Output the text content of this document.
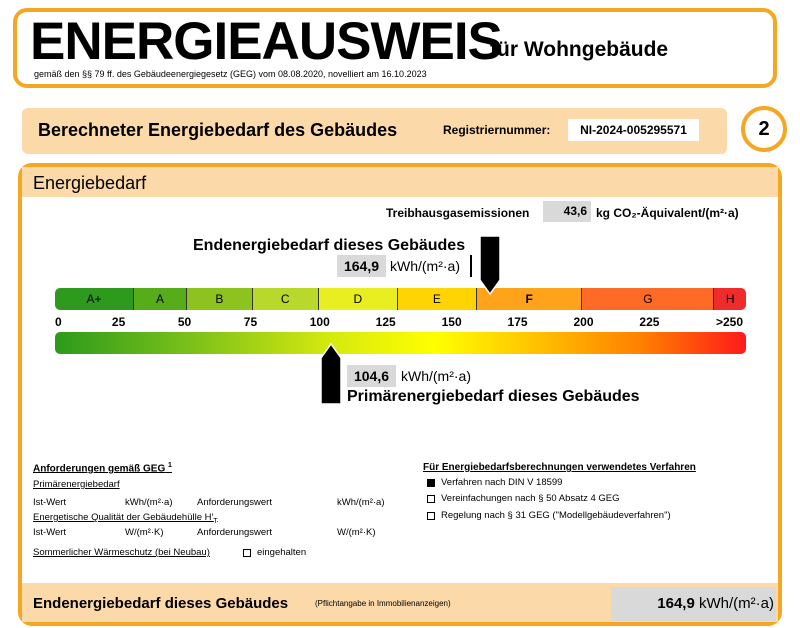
ENERGIEAUSWEIS
für Wohngebäude
gemäß den §§ 79 ff. des Gebäudeenergiegesetz (GEG) vom 08.08.2020, novelliert am 16.10.2023
Berechneter Energiebedarf des Gebäudes	Registriernummer:	NI-2024-005295571	2
Energiebedarf
Treibhausgasemissionen	43,6 kg CO₂-Äquivalent/(m²·a)
Endenergiebedarf dieses Gebäudes
164,9 kWh/(m²·a)
A+	A	B	C	D	E	F	G	H
0	25	50	75	100	125	150	175	200	225	>250
104,6 kWh/(m²·a)
Primärenergiebedarf dieses Gebäudes
Anforderungen gemäß GEG $^1$
Primärenergiebedarf
Ist-Wert	kWh/(m²·a)	Anforderungswert	kWh/(m²·a)
Energetische Qualität der Gebäudehülle $H'_T$
Ist-Wert	W/(m²·K)	Anforderungswert	W/(m²·K)
Sommerlicher Wärmeschutz (bei Neubau)	eingehalten
Für Energiebedarfsberechnungen verwendetes Verfahren
Verfahren nach DIN V 18599
Vereinfachungen nach § 50 Absatz 4 GEG
Regelung nach § 31 GEG ("Modellgebäudeverfahren")
Endenergiebedarf dieses Gebäudes	(Pflichtangabe in Immobilienanzeigen)	164,9 kWh/(m²·a)
